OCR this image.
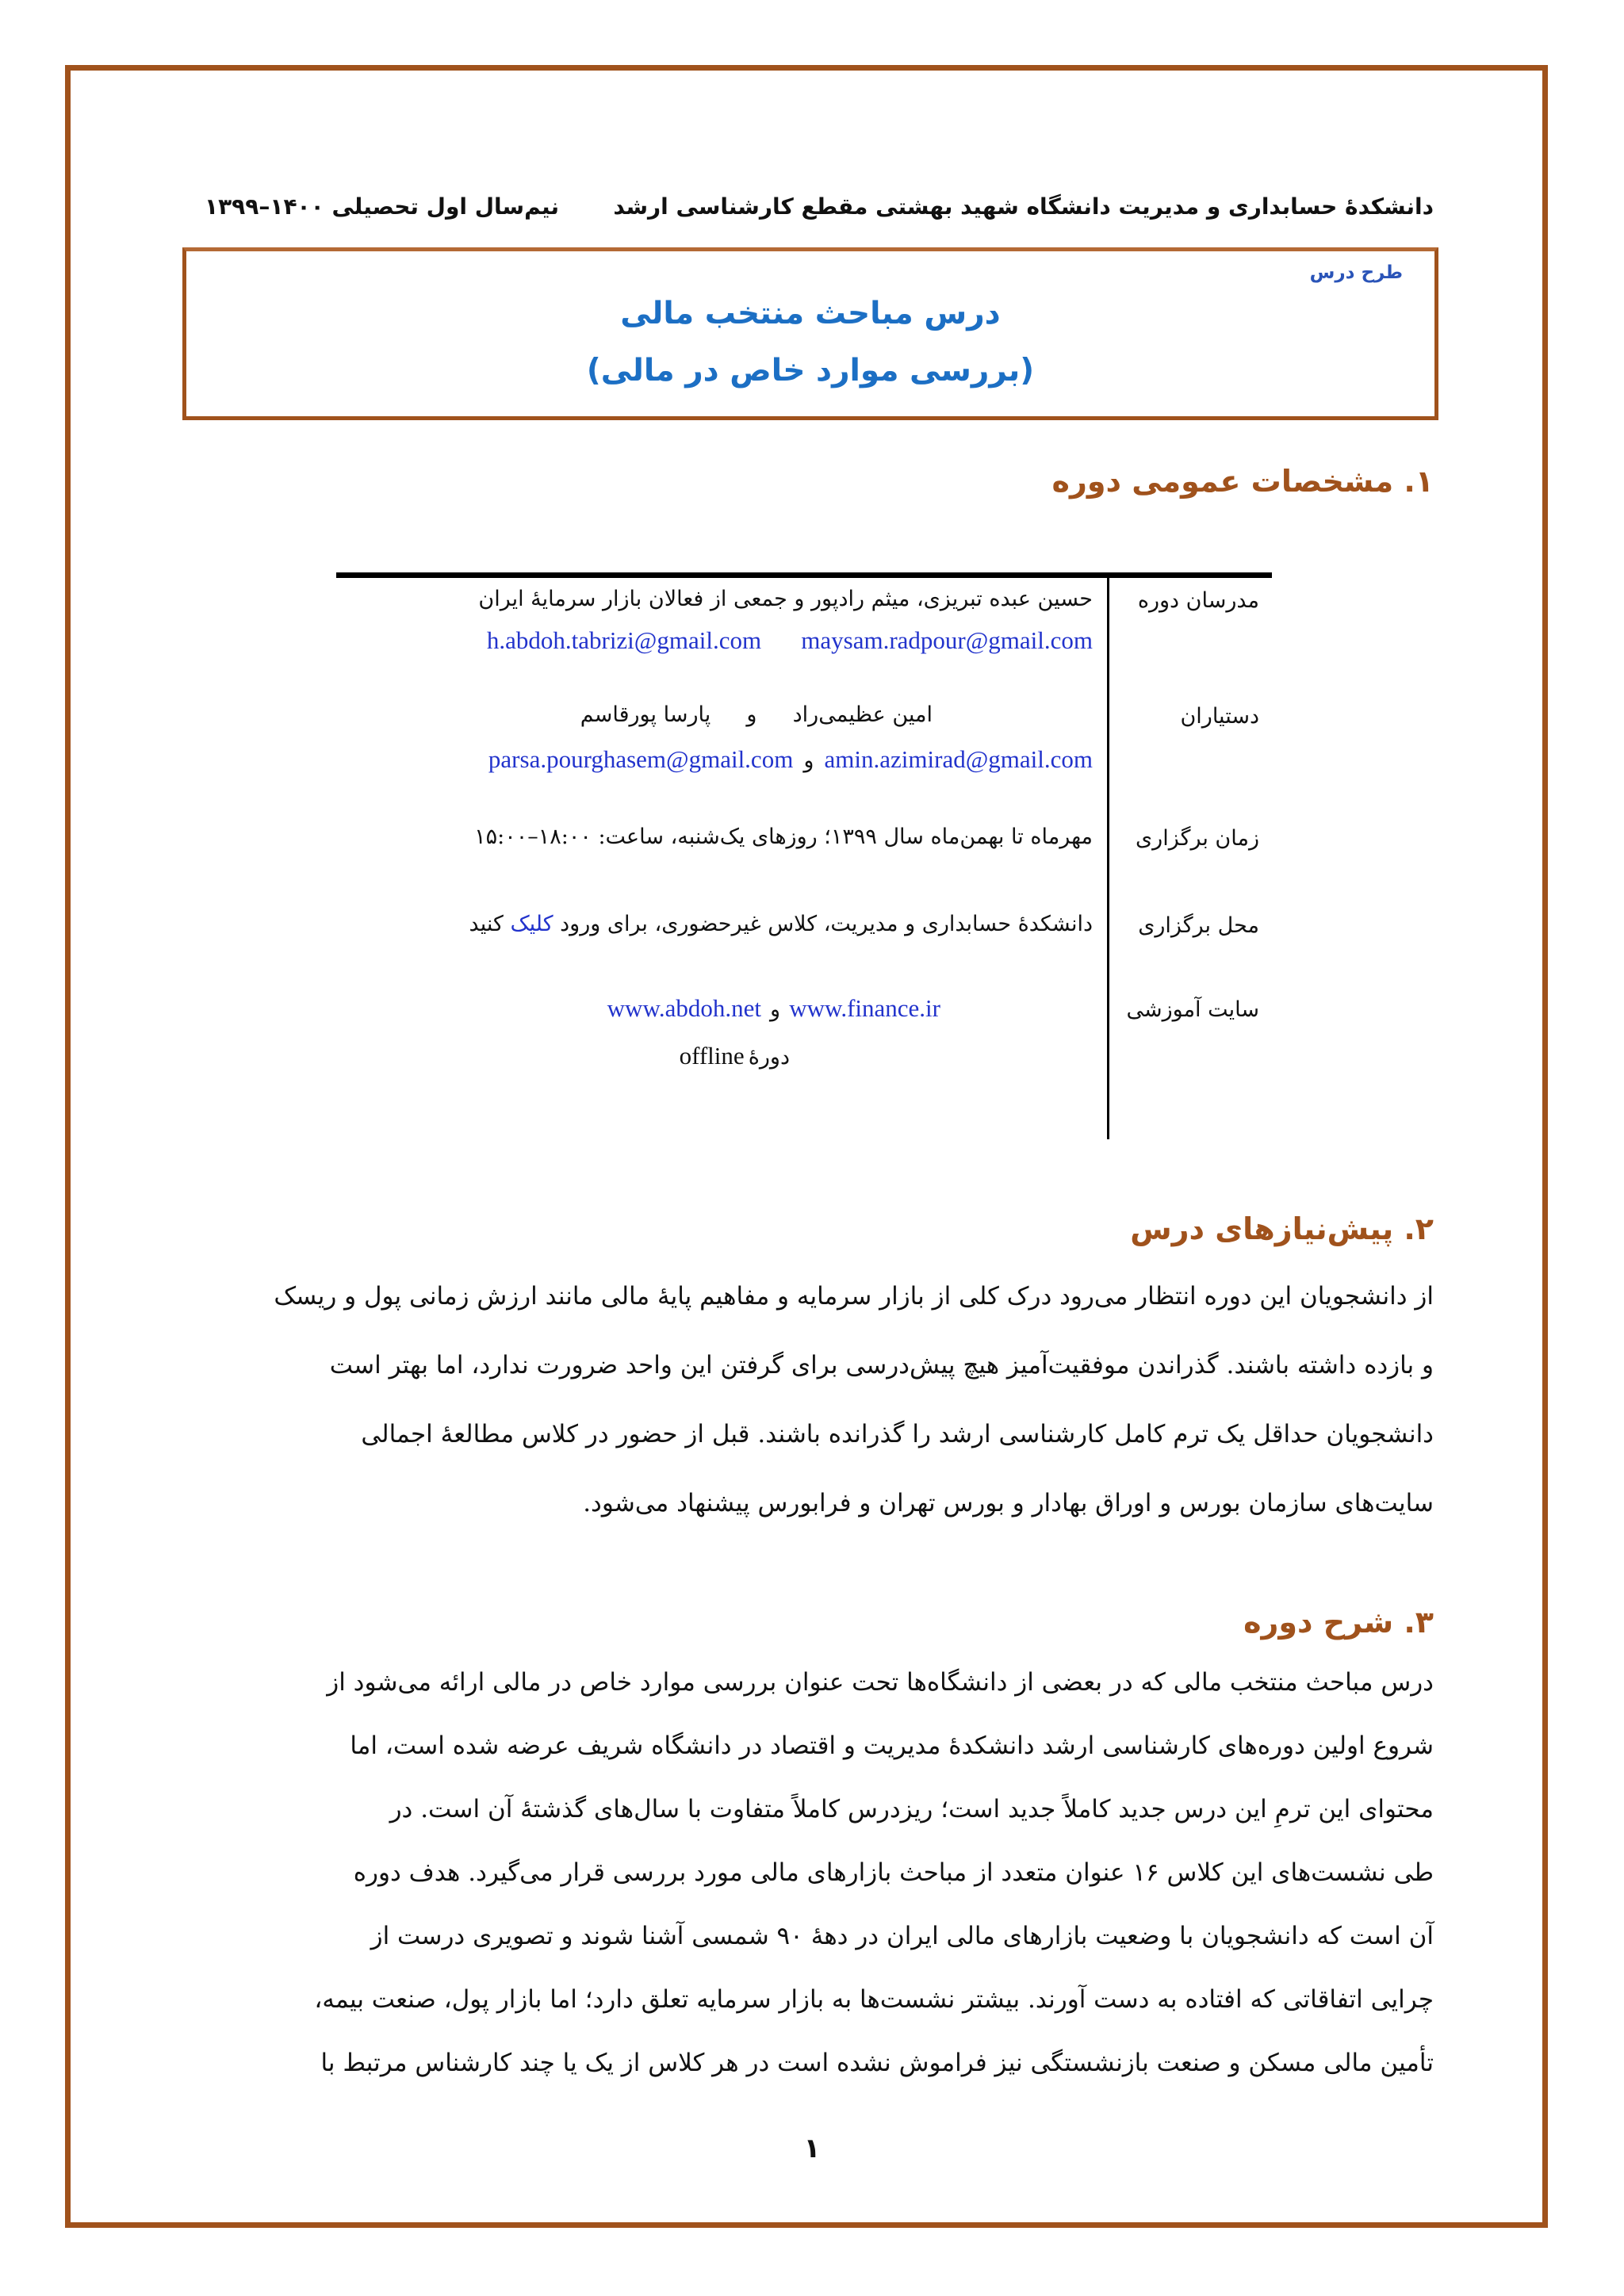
دانشکدۀ حسابداری و مدیریت دانشگاه شهید بهشتی مقطع کارشناسی ارشد
نیم‌سال اول تحصیلی ۱۴۰۰–۱۳۹۹
طرح درس
درس مباحث منتخب مالی
(بررسی موارد خاص در مالی)
۱. مشخصات عمومی دوره
مدرسان دوره
حسین عبده تبریزی، میثم رادپور و جمعی از فعالان بازار سرمایۀ ایران
h.abdoh.tabrizi@gmail.com maysam.radpour@gmail.com
دستیاران
امین عظیمی‌راد  و  پارسا پورقاسم
amin.azimirad@gmail.com و parsa.pourghasem@gmail.com
زمان برگزاری
مهرماه تا بهمن‌ماه سال ۱۳۹۹؛ روزهای یک‌شنبه، ساعت: ۱۸:۰۰–۱۵:۰۰
محل برگزاری
دانشکدۀ حسابداری و مدیریت، کلاس غیرحضوری، برای ورود کلیک کنید
سایت آموزشی
www.finance.ir و www.abdoh.net
دورۀ offline
۲. پیش‌نیازهای درس
از دانشجویان این دوره انتظار می‌رود درک کلی از بازار سرمایه و مفاهیم پایۀ مالی مانند ارزش زمانی پول و ریسک
و بازده داشته باشند. گذراندن موفقیت‌آمیز هیچ پیش‌درسی برای گرفتن این واحد ضرورت ندارد، اما بهتر است
دانشجویان حداقل یک ترم کامل کارشناسی ارشد را گذرانده باشند. قبل از حضور در کلاس مطالعۀ اجمالی
سایت‌های سازمان بورس و اوراق بهادار و بورس تهران و فرابورس پیشنهاد می‌شود.
۳. شرح دوره
درس مباحث منتخب مالی که در بعضی از دانشگاه‌ها تحت عنوان بررسی موارد خاص در مالی ارائه می‌شود از
شروع اولین دوره‌های کارشناسی ارشد دانشکدۀ مدیریت و اقتصاد در دانشگاه شریف عرضه شده است، اما
محتوای این ترمِ این درس جدید کاملاً جدید است؛ ریزدرس کاملاً متفاوت با سال‌های گذشتۀ آن است. در
طی نشست‌های این کلاس ۱۶ عنوان متعدد از مباحث بازارهای مالی مورد بررسی قرار می‌گیرد. هدف دوره
آن است که دانشجویان با وضعیت بازارهای مالی ایران در دهۀ ۹۰ شمسی آشنا شوند و تصویری درست از
چرایی اتفاقاتی که افتاده به دست آورند. بیشتر نشست‌ها به بازار سرمایه تعلق دارد؛ اما بازار پول، صنعت بیمه،
تأمین مالی مسکن و صنعت بازنشستگی نیز فراموش نشده است در هر کلاس از یک یا چند کارشناس مرتبط با
۱
